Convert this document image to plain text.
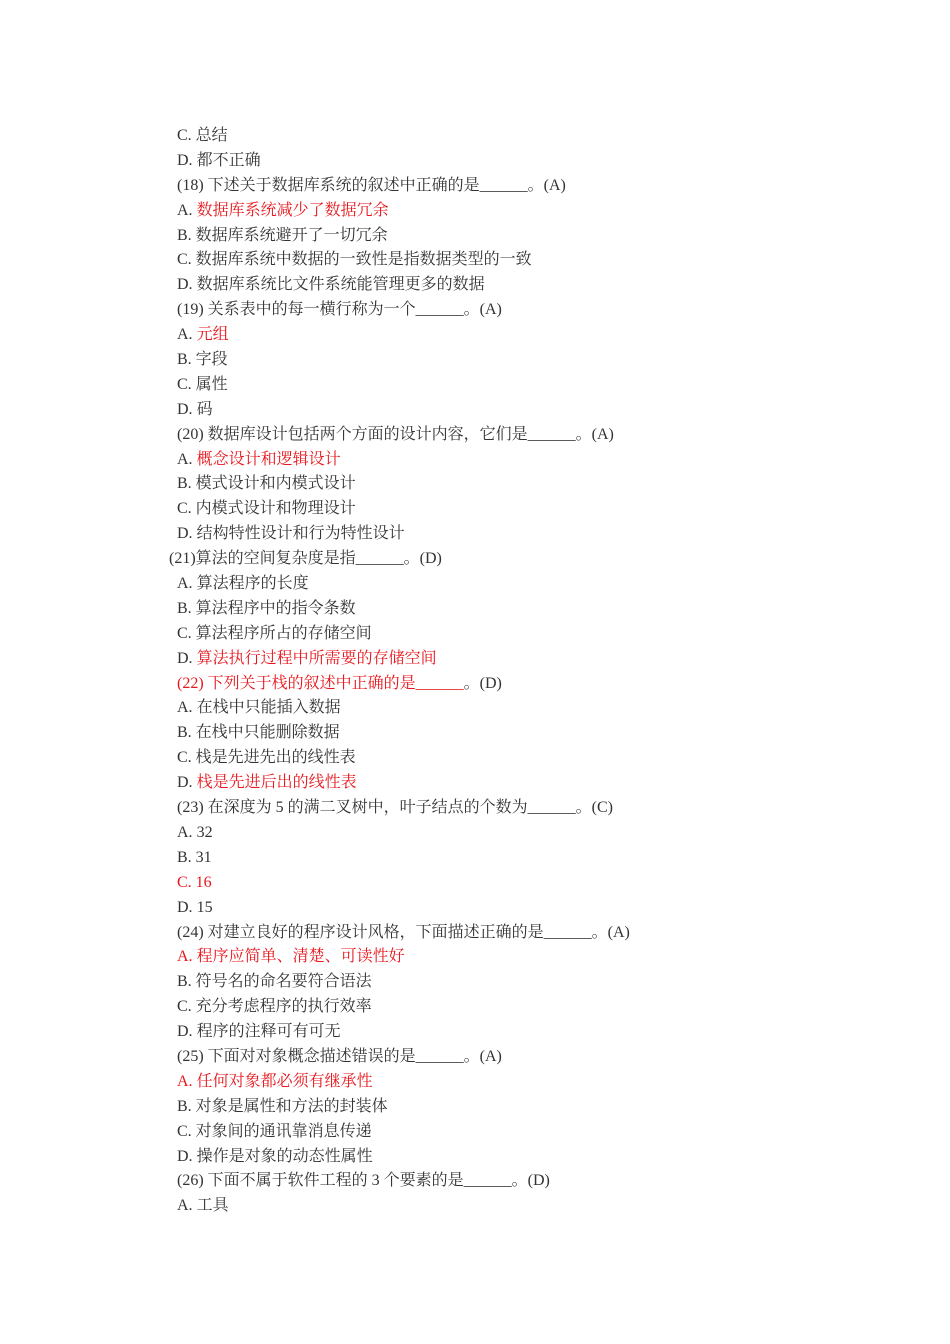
C. 总结
D. 都不正确
(18) 下述关于数据库系统的叙述中正确的是______。(A)
A. 数据库系统减少了数据冗余
B. 数据库系统避开了一切冗余
C. 数据库系统中数据的一致性是指数据类型的一致
D. 数据库系统比文件系统能管理更多的数据
(19) 关系表中的每一横行称为一个______。(A)
A. 元组
B. 字段
C. 属性
D. 码
(20) 数据库设计包括两个方面的设计内容，它们是______。(A)
A. 概念设计和逻辑设计
B. 模式设计和内模式设计
C. 内模式设计和物理设计
D. 结构特性设计和行为特性设计
(21)算法的空间复杂度是指______。(D)
A. 算法程序的长度
B. 算法程序中的指令条数
C. 算法程序所占的存储空间
D. 算法执行过程中所需要的存储空间
(22) 下列关于栈的叙述中正确的是______。(D)
A. 在栈中只能插入数据
B. 在栈中只能删除数据
C. 栈是先进先出的线性表
D. 栈是先进后出的线性表
(23) 在深度为 5 的满二叉树中，叶子结点的个数为______。(C)
A. 32
B. 31
C. 16
D. 15
(24) 对建立良好的程序设计风格，下面描述正确的是______。(A)
A. 程序应简单、清楚、可读性好
B. 符号名的命名要符合语法
C. 充分考虑程序的执行效率
D. 程序的注释可有可无
(25) 下面对对象概念描述错误的是______。(A)
A. 任何对象都必须有继承性
B. 对象是属性和方法的封装体
C. 对象间的通讯靠消息传递
D. 操作是对象的动态性属性
(26) 下面不属于软件工程的 3 个要素的是______。(D)
A. 工具
